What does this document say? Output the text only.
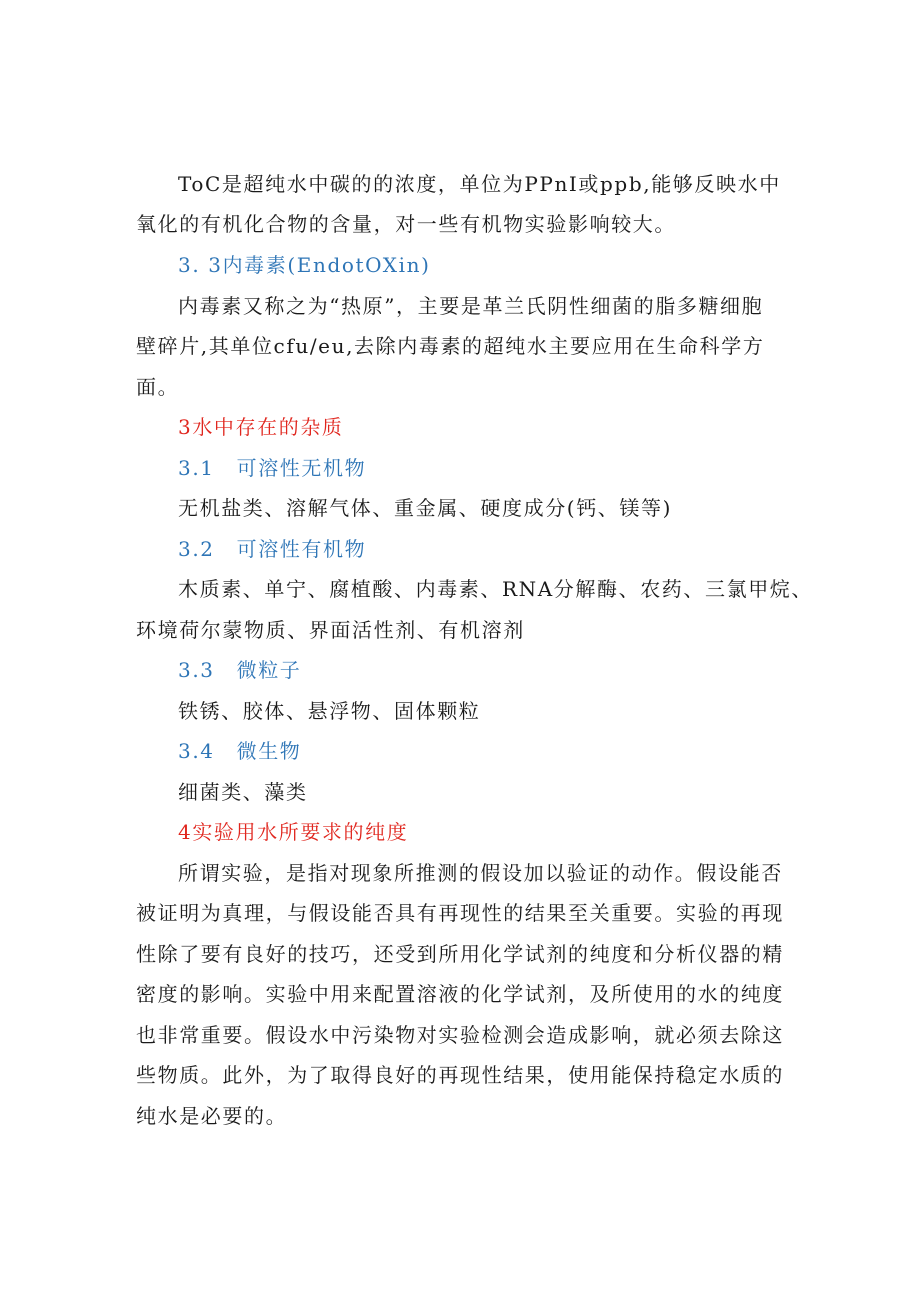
ToC是超纯水中碳的的浓度，单位为PPnI或ppb,能够反映水中
氧化的有机化合物的含量，对一些有机物实验影响较大。
3. 3内毒素(EndotOXin)
内毒素又称之为“热原”，主要是革兰氏阴性细菌的脂多糖细胞
壁碎片,其单位cfu/eu,去除内毒素的超纯水主要应用在生命科学方
面。
3水中存在的杂质
3.1 可溶性无机物
无机盐类、溶解气体、重金属、硬度成分(钙、镁等)
3.2 可溶性有机物
木质素、单宁、腐植酸、内毒素、RNA分解酶、农药、三氯甲烷、
环境荷尔蒙物质、界面活性剂、有机溶剂
3.3 微粒子
铁锈、胶体、悬浮物、固体颗粒
3.4 微生物
细菌类、藻类
4实验用水所要求的纯度
所谓实验，是指对现象所推测的假设加以验证的动作。假设能否
被证明为真理，与假设能否具有再现性的结果至关重要。实验的再现
性除了要有良好的技巧，还受到所用化学试剂的纯度和分析仪器的精
密度的影响。实验中用来配置溶液的化学试剂，及所使用的水的纯度
也非常重要。假设水中污染物对实验检测会造成影响，就必须去除这
些物质。此外，为了取得良好的再现性结果，使用能保持稳定水质的
纯水是必要的。
